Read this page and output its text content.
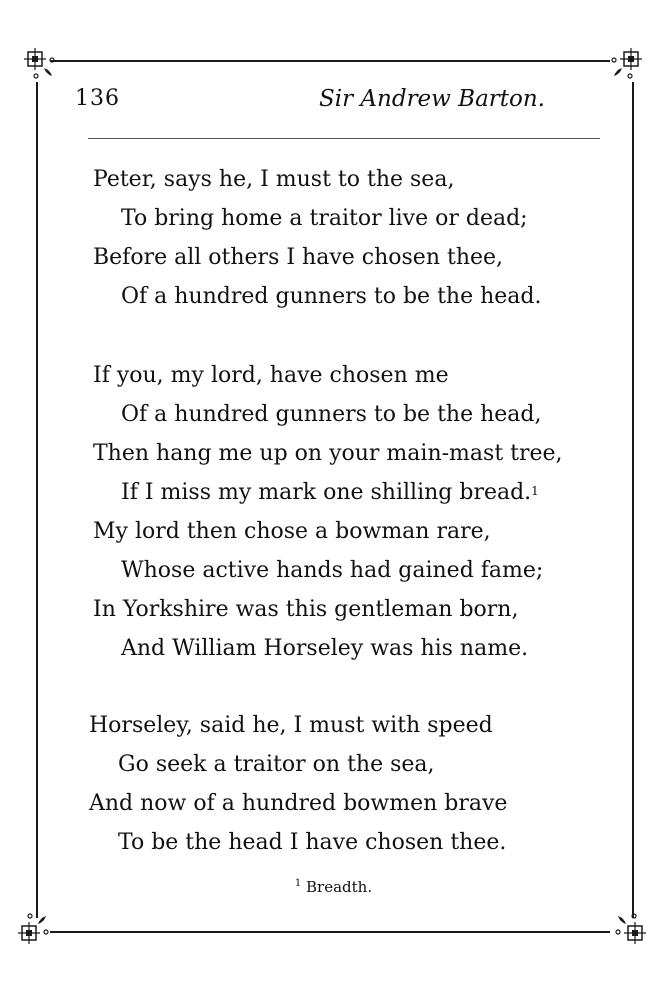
136	Sir Andrew Barton.
Peter, says he, I must to the sea,
To bring home a traitor live or dead;
Before all others I have chosen thee,
Of a hundred gunners to be the head.
If you, my lord, have chosen me
Of a hundred gunners to be the head,
Then hang me up on your main-mast tree,
If I miss my mark one shilling bread.$^1$
My lord then chose a bowman rare,
Whose active hands had gained fame;
In Yorkshire was this gentleman born,
And William Horseley was his name.
Horseley, said he, I must with speed
Go seek a traitor on the sea,
And now of a hundred bowmen brave
To be the head I have chosen thee.
$^1$ Breadth.
